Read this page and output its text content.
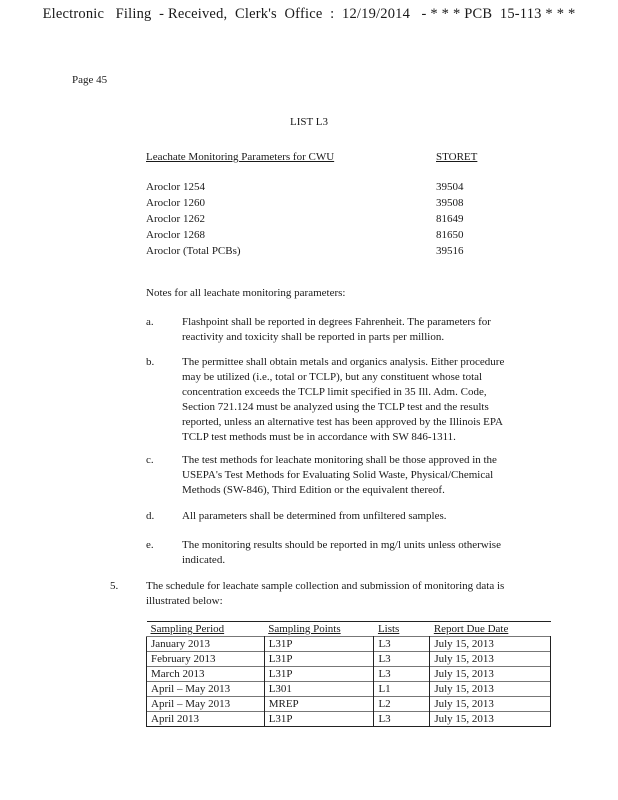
Electronic   Filing  - Received,  Clerk's  Office  :  12/19/2014   - * * * PCB  15-113 * * *
Page 45
LIST L3
Leachate Monitoring Parameters for CWU	STORET
Aroclor 1254	39504
Aroclor 1260	39508
Aroclor 1262	81649
Aroclor 1268	81650
Aroclor (Total PCBs)	39516
Notes for all leachate monitoring parameters:
a.	Flashpoint shall be reported in degrees Fahrenheit. The parameters for
reactivity and toxicity shall be reported in parts per million.
b.	The permittee shall obtain metals and organics analysis. Either procedure
may be utilized (i.e., total or TCLP), but any constituent whose total
concentration exceeds the TCLP limit specified in 35 Ill. Adm. Code,
Section 721.124 must be analyzed using the TCLP test and the results
reported, unless an alternative test has been approved by the Illinois EPA
TCLP test methods must be in accordance with SW 846-1311.
c.	The test methods for leachate monitoring shall be those approved in the
USEPA's Test Methods for Evaluating Solid Waste, Physical/Chemical
Methods (SW-846), Third Edition or the equivalent thereof.
d.	All parameters shall be determined from unfiltered samples.
e.	The monitoring results should be reported in mg/l units unless otherwise
indicated.
5.	The schedule for leachate sample collection and submission of monitoring data is
illustrated below:
Sampling Period	Sampling Points	Lists	Report Due Date
January 2013	L31P	L3	July 15, 2013
February 2013	L31P	L3	July 15, 2013
March 2013	L31P	L3	July 15, 2013
April – May 2013	L301	L1	July 15, 2013
April – May 2013	MREP	L2	July 15, 2013
April 2013	L31P	L3	July 15, 2013
